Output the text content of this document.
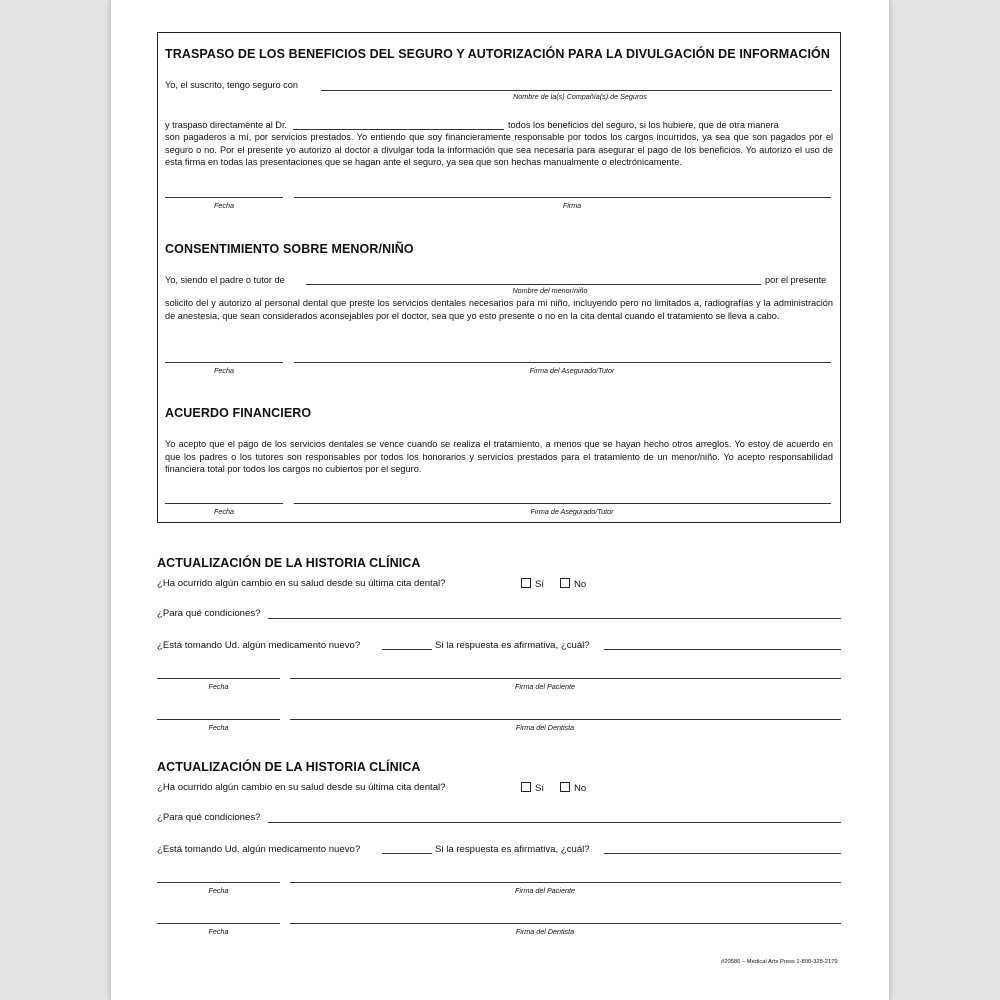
TRASPASO DE LOS BENEFICIOS DEL SEGURO Y AUTORIZACIÓN PARA LA DIVULGACIÓN DE INFORMACIÓN
Yo, el suscrito, tengo seguro con
Nombre de la(s) Compañía(s) de Seguros
y traspaso directamente al Dr.	todos los beneficios del seguro, si los hubiere, que de otra manera
son pagaderos a mí, por servicios prestados. Yo entiendo que soy financieramente responsable por todos los cargos incurridos, ya sea que son pagados por el seguro o no. Por el presente yo autorizo al doctor a divulgar toda la información que sea necesaria para asegurar el pago de los beneficios. Yo autorizo el uso de esta firma en todas las presentaciones que se hagan ante el seguro, ya sea que son hechas manualmente o electrónicamente.
Fecha	Firma
CONSENTIMIENTO SOBRE MENOR/NIÑO
Yo, siendo el padre o tutor de	por el presente
Nombre del menor/niño
solicito del y autorizo al personal dental que preste los servicios dentales necesarios para mi niño, incluyendo pero no limitados a, radiografías y la administración de anestesia, que sean considerados aconsejables por el doctor, sea que yo esto presente o no en la cita dental cuando el tratamiento se lleva a cabo.
Fecha	Firma del Asegurado/Tutor
ACUERDO FINANCIERO
Yo acepto que el pago de los servicios dentales se vence cuando se realiza el tratamiento, a menos que se hayan hecho otros arreglos. Yo estoy de acuerdo en que los padres o los tutores son responsables por todos los honorarios y servicios prestados para el tratamiento de un menor/niño. Yo acepto responsabilidad financiera total por todos los cargos no cubiertos por el seguro.
Fecha	Firma de Asegurado/Tutor
ACTUALIZACIÓN DE LA HISTORIA CLÍNICA
¿Ha ocurrido algún cambio en su salud desde su última cita dental?	Sí	No
¿Para qué condiciones?
¿Está tomando Ud. algún medicamento nuevo?	Si la respuesta es afirmativa, ¿cuál?
Fecha	Firma del Paciente
Fecha	Firma del Dentista
ACTUALIZACIÓN DE LA HISTORIA CLÍNICA
¿Ha ocurrido algún cambio en su salud desde su última cita dental?	Sí	No
¿Para qué condiciones?
¿Está tomando Ud. algún medicamento nuevo?	Si la respuesta es afirmativa, ¿cuál?
Fecha	Firma del Paciente
Fecha	Firma del Dentista
#20586 – Medical Arts Press 1-800-328-2179
